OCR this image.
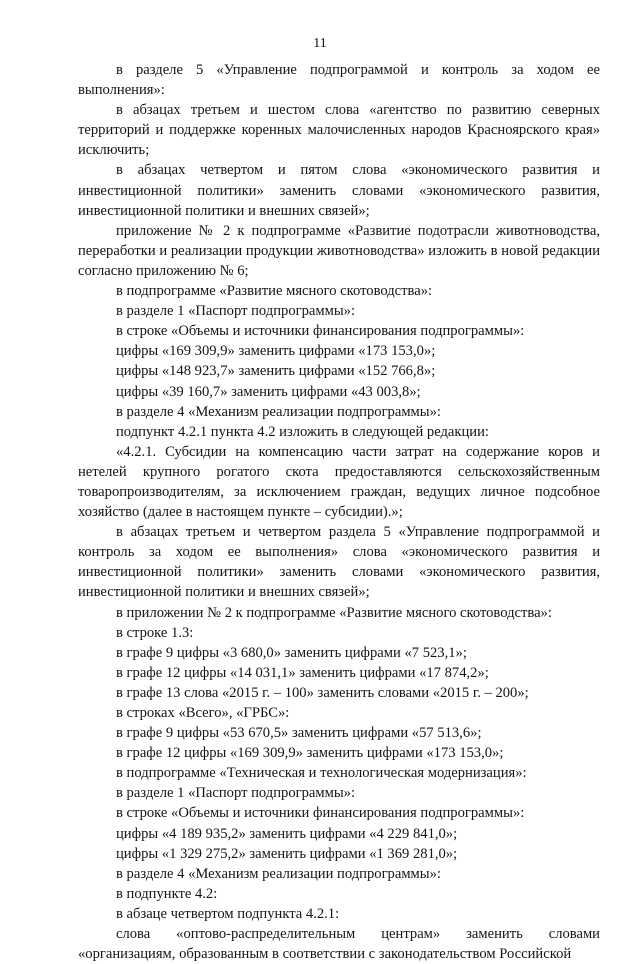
11

в разделе 5 «Управление подпрограммой и контроль за ходом ее выполнения»:

в абзацах третьем и шестом слова «агентство по развитию северных территорий и поддержке коренных малочисленных народов Красноярского края» исключить;

в абзацах четвертом и пятом слова «экономического развития и инвестиционной политики» заменить словами «экономического развития, инвестиционной политики и внешних связей»;

приложение № 2 к подпрограмме «Развитие подотрасли животноводства, переработки и реализации продукции животноводства» изложить в новой редакции согласно приложению № 6;

в подпрограмме «Развитие мясного скотоводства»:

в разделе 1 «Паспорт подпрограммы»:

в строке «Объемы и источники финансирования подпрограммы»:

цифры «169 309,9» заменить цифрами «173 153,0»;

цифры «148 923,7» заменить цифрами «152 766,8»;

цифры «39 160,7» заменить цифрами «43 003,8»;

в разделе 4 «Механизм реализации подпрограммы»:

подпункт 4.2.1 пункта 4.2 изложить в следующей редакции:

«4.2.1. Субсидии на компенсацию части затрат на содержание коров и нетелей крупного рогатого скота предоставляются сельскохозяйственным товаропроизводителям, за исключением граждан, ведущих личное подсобное хозяйство (далее в настоящем пункте – субсидии).»;

в абзацах третьем и четвертом раздела 5 «Управление подпрограммой и контроль за ходом ее выполнения» слова «экономического развития и инвестиционной политики» заменить словами «экономического развития, инвестиционной политики и внешних связей»;

в приложении № 2 к подпрограмме «Развитие мясного скотоводства»:

в строке 1.3:

в графе 9 цифры «3 680,0» заменить цифрами «7 523,1»;

в графе 12 цифры «14 031,1» заменить цифрами «17 874,2»;

в графе 13 слова «2015 г. – 100» заменить словами «2015 г. – 200»;

в строках «Всего», «ГРБС»:

в графе 9 цифры «53 670,5» заменить цифрами «57 513,6»;

в графе 12 цифры «169 309,9» заменить цифрами «173 153,0»;

в подпрограмме «Техническая и технологическая модернизация»:

в разделе 1 «Паспорт подпрограммы»:

в строке «Объемы и источники финансирования подпрограммы»:

цифры «4 189 935,2» заменить цифрами «4 229 841,0»;

цифры «1 329 275,2» заменить цифрами «1 369 281,0»;

в разделе 4 «Механизм реализации подпрограммы»:

в подпункте 4.2:

в абзаце четвертом подпункта 4.2.1:

слова «оптово-распределительным центрам» заменить словами «организациям, образованным в соответствии с законодательством Российской
